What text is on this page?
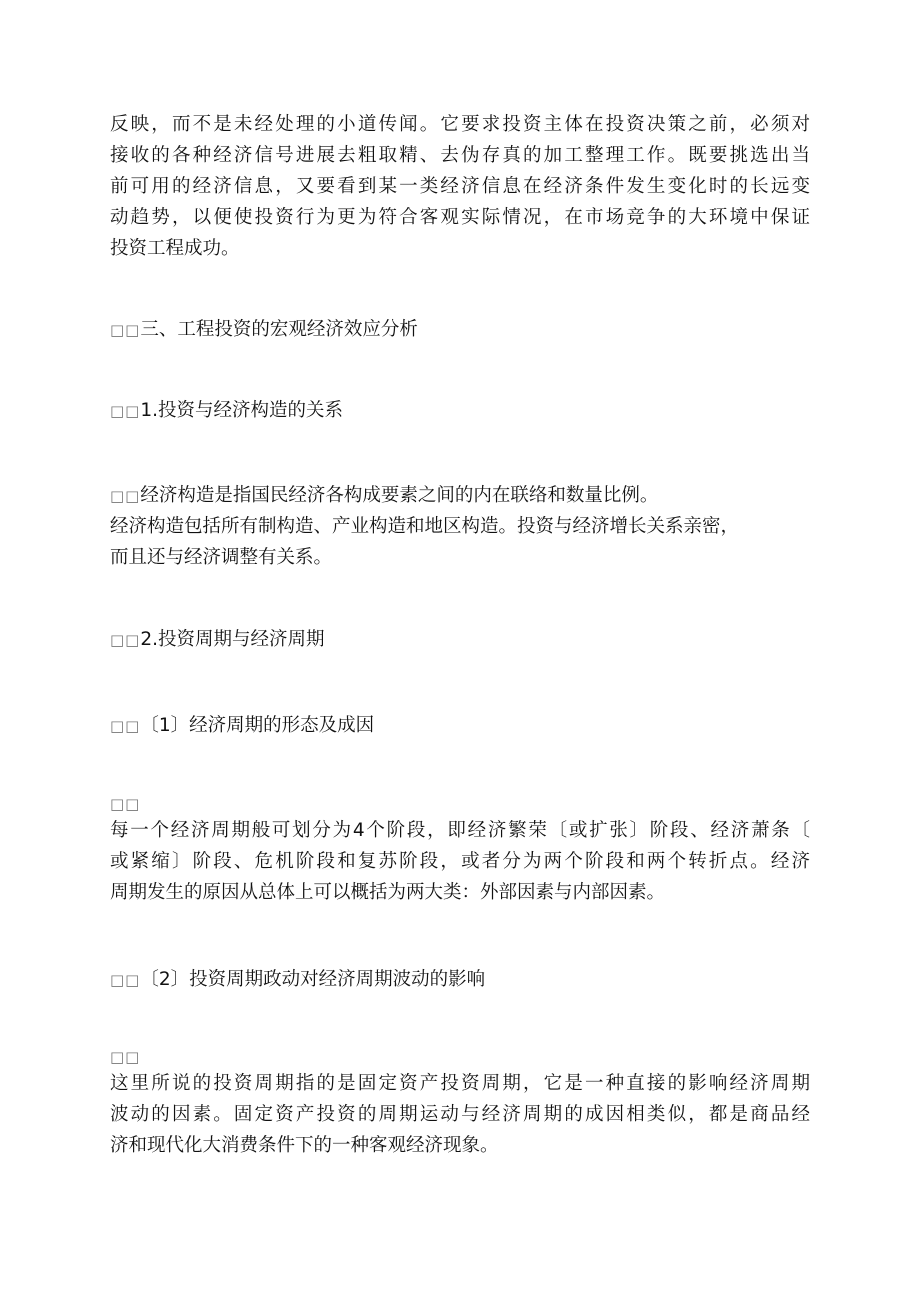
反映，而不是未经处理的小道传闻。它要求投资主体在投资决策之前，必须对
接收的各种经济信号进展去粗取精、去伪存真的加工整理工作。既要挑选出当
前可用的经济信息，又要看到某一类经济信息在经济条件发生变化时的长远变
动趋势，以便使投资行为更为符合客观实际情况，在市场竞争的大环境中保证
投资工程成功。
□□三、工程投资的宏观经济效应分析
□□1.投资与经济构造的关系
□□经济构造是指国民经济各构成要素之间的内在联络和数量比例。
经济构造包括所有制构造、产业构造和地区构造。投资与经济增长关系亲密，
而且还与经济调整有关系。
□□2.投资周期与经济周期
□□〔1〕经济周期的形态及成因
□□
每一个经济周期般可划分为4个阶段，即经济繁荣〔或扩张〕阶段、经济萧条〔
或紧缩〕阶段、危机阶段和复苏阶段，或者分为两个阶段和两个转折点。经济
周期发生的原因从总体上可以概括为两大类：外部因素与内部因素。
□□〔2〕投资周期政动对经济周期波动的影响
□□
这里所说的投资周期指的是固定资产投资周期，它是一种直接的影响经济周期
波动的因素。固定资产投资的周期运动与经济周期的成因相类似，都是商品经
济和现代化大消费条件下的一种客观经济现象。
